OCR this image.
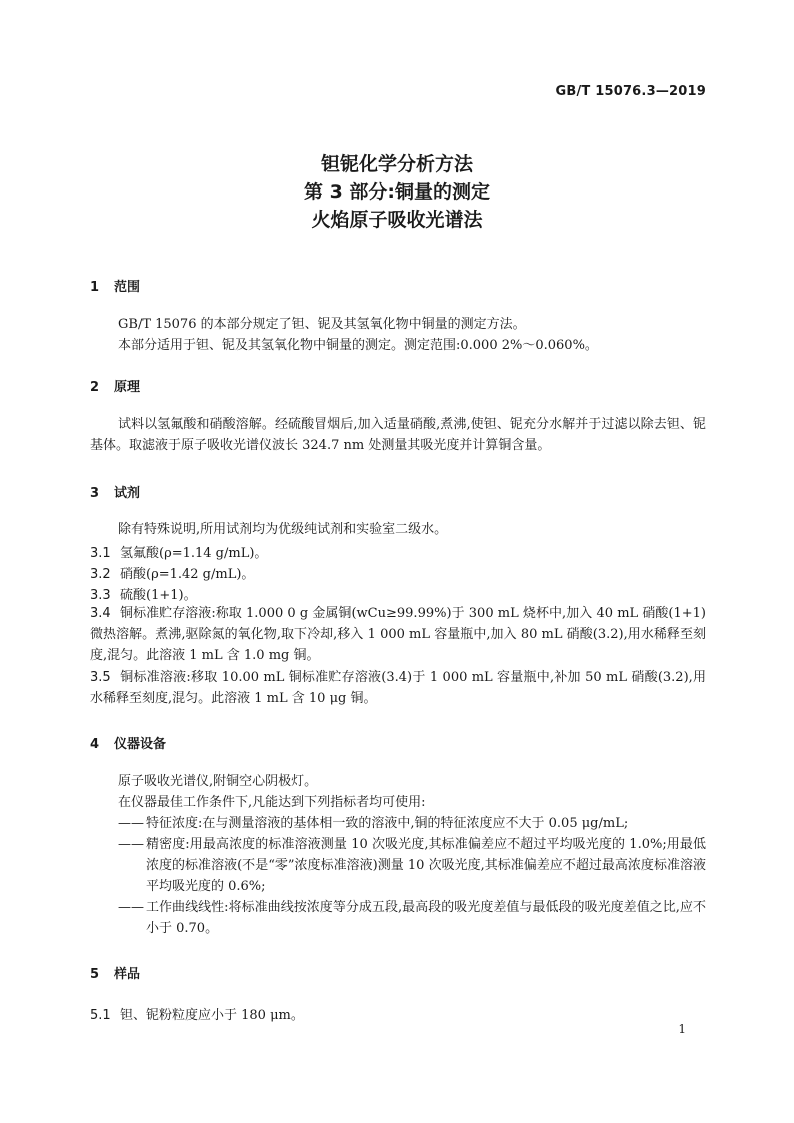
GB/T 15076.3—2019
钽铌化学分析方法
第 3 部分:铜量的测定
火焰原子吸收光谱法
1 范围
GB/T 15076 的本部分规定了钽、铌及其氢氧化物中铜量的测定方法。
本部分适用于钽、铌及其氢氧化物中铜量的测定。测定范围:0.000 2%～0.060%。
2 原理
试料以氢氟酸和硝酸溶解。经硫酸冒烟后,加入适量硝酸,煮沸,使钽、铌充分水解并于过滤以除去钽、铌基体。取滤液于原子吸收光谱仪波长 324.7 nm 处测量其吸光度并计算铜含量。
3 试剂
除有特殊说明,所用试剂均为优级纯试剂和实验室二级水。
3.1 氢氟酸(ρ=1.14 g/mL)。
3.2 硝酸(ρ=1.42 g/mL)。
3.3 硫酸(1+1)。
3.4 铜标准贮存溶液:称取 1.000 0 g 金属铜(wCu≥99.99%)于 300 mL 烧杯中,加入 40 mL 硝酸(1+1)微热溶解。煮沸,驱除氮的氧化物,取下冷却,移入 1 000 mL 容量瓶中,加入 80 mL 硝酸(3.2),用水稀释至刻度,混匀。此溶液 1 mL 含 1.0 mg 铜。
3.5 铜标准溶液:移取 10.00 mL 铜标准贮存溶液(3.4)于 1 000 mL 容量瓶中,补加 50 mL 硝酸(3.2),用水稀释至刻度,混匀。此溶液 1 mL 含 10 μg 铜。
4 仪器设备
原子吸收光谱仪,附铜空心阴极灯。
在仪器最佳工作条件下,凡能达到下列指标者均可使用:
—— 特征浓度:在与测量溶液的基体相一致的溶液中,铜的特征浓度应不大于 0.05 μg/mL;
—— 精密度:用最高浓度的标准溶液测量 10 次吸光度,其标准偏差应不超过平均吸光度的 1.0%;用最低浓度的标准溶液(不是“零”浓度标准溶液)测量 10 次吸光度,其标准偏差应不超过最高浓度标准溶液平均吸光度的 0.6%;
—— 工作曲线线性:将标准曲线按浓度等分成五段,最高段的吸光度差值与最低段的吸光度差值之比,应不小于 0.70。
5 样品
5.1 钽、铌粉粒度应小于 180 μm。
1
